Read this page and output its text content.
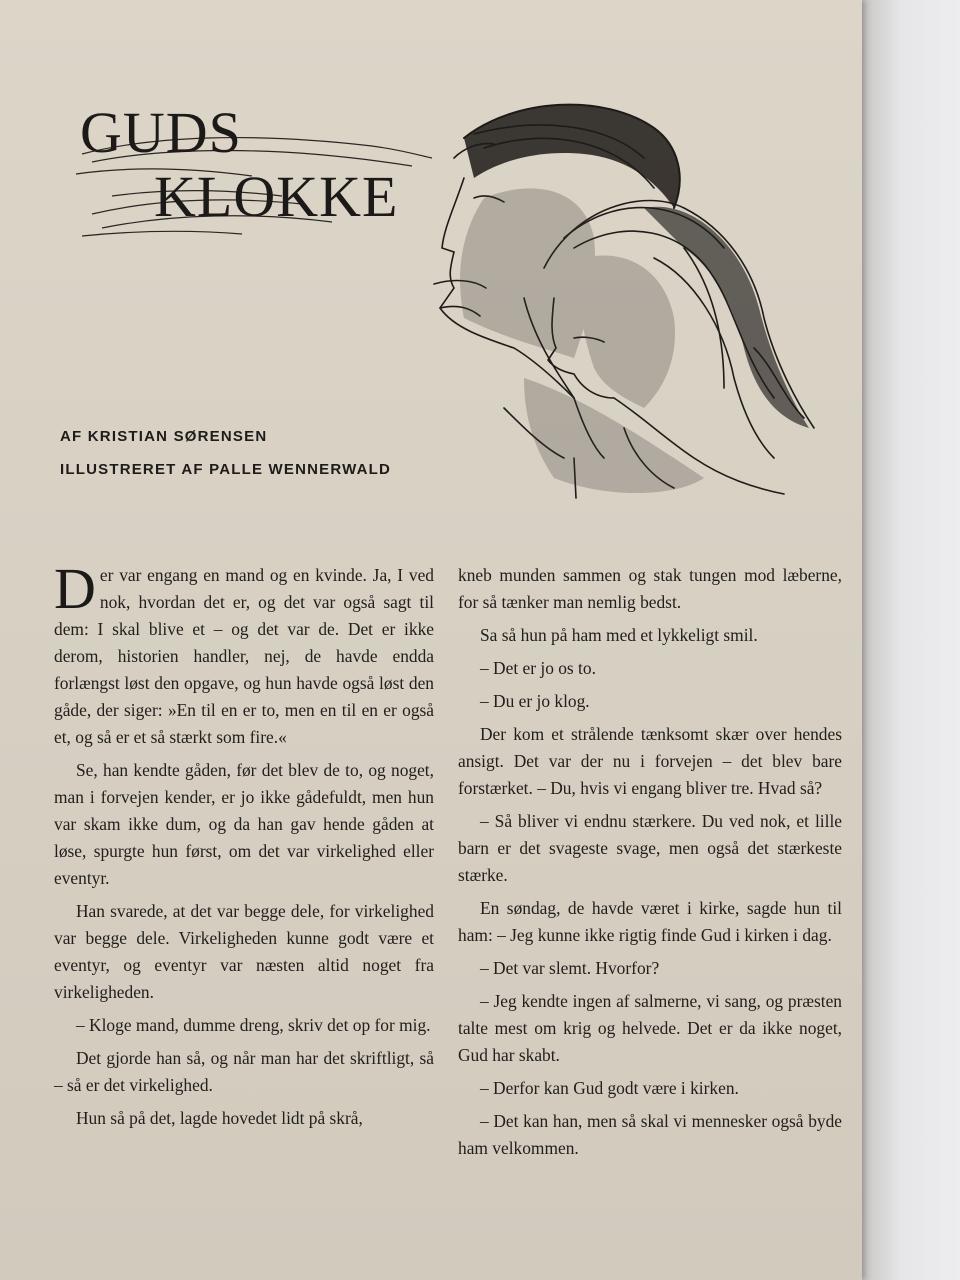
GUDS
KLOKKE
AF KRISTIAN SØRENSEN
ILLUSTRERET AF PALLE WENNERWALD

Der var engang en mand og en kvinde. Ja, I ved nok, hvordan det er, og det var også sagt til dem: I skal blive et – og det var de. Det er ikke derom, historien handler, nej, de havde endda forlængst løst den opgave, og hun havde også løst den gåde, der siger: »En til en er to, men en til en er også et, og så er et så stærkt som fire.«

Se, han kendte gåden, før det blev de to, og noget, man i forvejen kender, er jo ikke gådefuldt, men hun var skam ikke dum, og da han gav hende gåden at løse, spurgte hun først, om det var virkelighed eller eventyr.

Han svarede, at det var begge dele, for virkelighed var begge dele. Virkeligheden kunne godt være et eventyr, og eventyr var næsten altid noget fra virkeligheden.

– Kloge mand, dumme dreng, skriv det op for mig.

Det gjorde han så, og når man har det skriftligt, så – så er det virkelighed.

Hun så på det, lagde hovedet lidt på skrå,

kneb munden sammen og stak tungen mod læberne, for så tænker man nemlig bedst.

Sa så hun på ham med et lykkeligt smil.

– Det er jo os to.

– Du er jo klog.

Der kom et strålende tænksomt skær over hendes ansigt. Det var der nu i forvejen – det blev bare forstærket. – Du, hvis vi engang bliver tre. Hvad så?

– Så bliver vi endnu stærkere. Du ved nok, et lille barn er det svageste svage, men også det stærkeste stærke.

En søndag, de havde været i kirke, sagde hun til ham: – Jeg kunne ikke rigtig finde Gud i kirken i dag.

– Det var slemt. Hvorfor?

– Jeg kendte ingen af salmerne, vi sang, og præsten talte mest om krig og helvede. Det er da ikke noget, Gud har skabt.

– Derfor kan Gud godt være i kirken.

– Det kan han, men så skal vi mennesker også byde ham velkommen.
